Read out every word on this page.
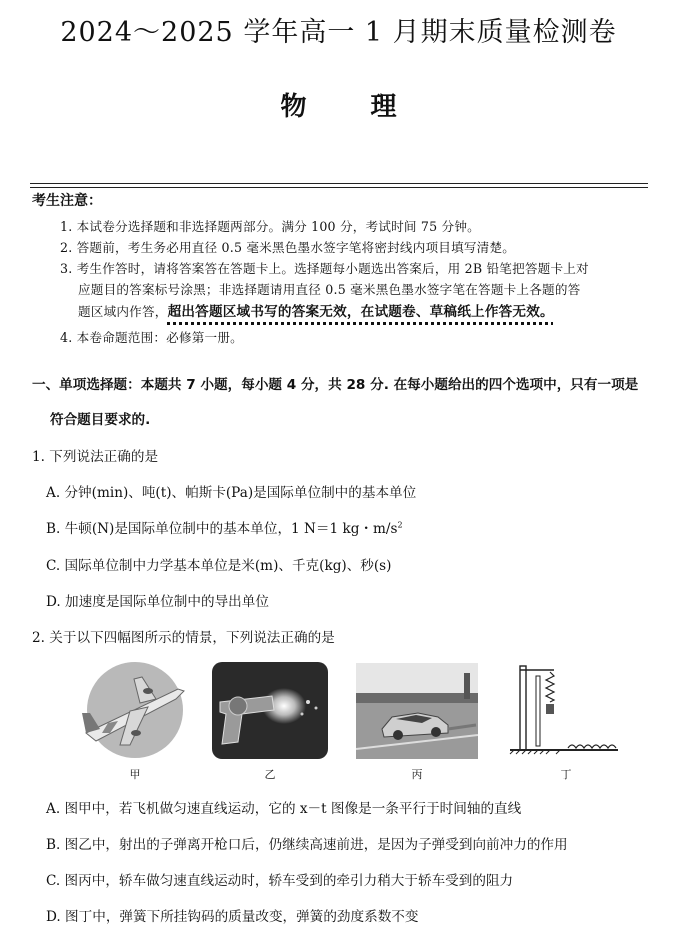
2024～2025 学年高一 1 月期末质量检测卷
物理
考生注意：
1. 本试卷分选择题和非选择题两部分。满分 100 分，考试时间 75 分钟。
2. 答题前，考生务必用直径 0.5 毫米黑色墨水签字笔将密封线内项目填写清楚。
3. 考生作答时，请将答案答在答题卡上。选择题每小题选出答案后，用 2B 铅笔把答题卡上对
应题目的答案标号涂黑；非选择题请用直径 0.5 毫米黑色墨水签字笔在答题卡上各题的答
题区域内作答，超出答题区域书写的答案无效，在试题卷、草稿纸上作答无效。
4. 本卷命题范围：必修第一册。
一、单项选择题：本题共 7 小题，每小题 4 分，共 28 分. 在每小题给出的四个选项中，只有一项是
符合题目要求的.
1. 下列说法正确的是
A. 分钟(min)、吨(t)、帕斯卡(Pa)是国际单位制中的基本单位
B. 牛顿(N)是国际单位制中的基本单位，1 N＝1 kg・$m/s^2$
C. 国际单位制中力学基本单位是米(m)、千克(kg)、秒(s)
D. 加速度是国际单位制中的导出单位
2. 关于以下四幅图所示的情景，下列说法正确的是
甲	乙	丙	丁
A. 图甲中，若飞机做匀速直线运动，它的 x－t 图像是一条平行于时间轴的直线
B. 图乙中，射出的子弹离开枪口后，仍继续高速前进，是因为子弹受到向前冲力的作用
C. 图丙中，轿车做匀速直线运动时，轿车受到的牵引力稍大于轿车受到的阻力
D. 图丁中，弹簧下所挂钩码的质量改变，弹簧的劲度系数不变
